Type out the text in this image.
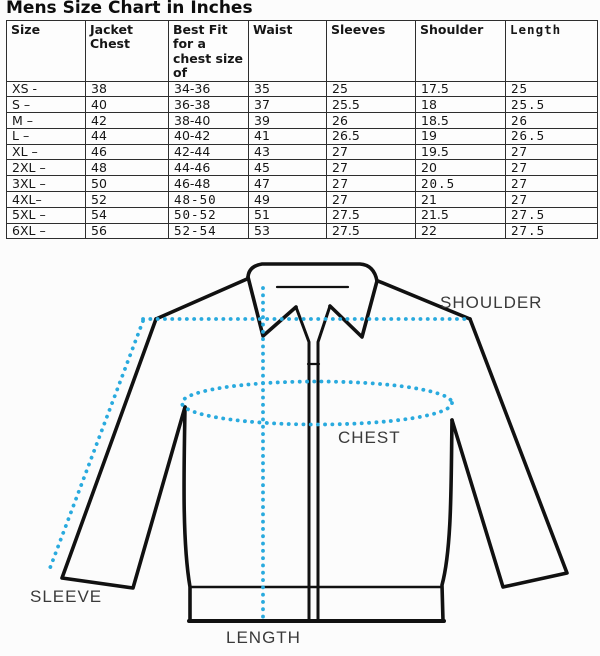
Mens Size Chart in Inches
Size	Jacket Chest	Best Fit for a chest size of	Waist	Sleeves	Shoulder	Length
XS -	38	34-36	35	25	17.5	25
S –	40	36-38	37	25.5	18	25.5
M –	42	38-40	39	26	18.5	26
L –	44	40-42	41	26.5	19	26.5
XL –	46	42-44	43	27	19.5	27
2XL –	48	44-46	45	27	20	27
3XL –	50	46-48	47	27	20.5	27
4XL–	52	48-50	49	27	21	27
5XL –	54	50-52	51	27.5	21.5	27.5
6XL –	56	52-54	53	27.5	22	27.5
SHOULDER
CHEST
SLEEVE
LENGTH
